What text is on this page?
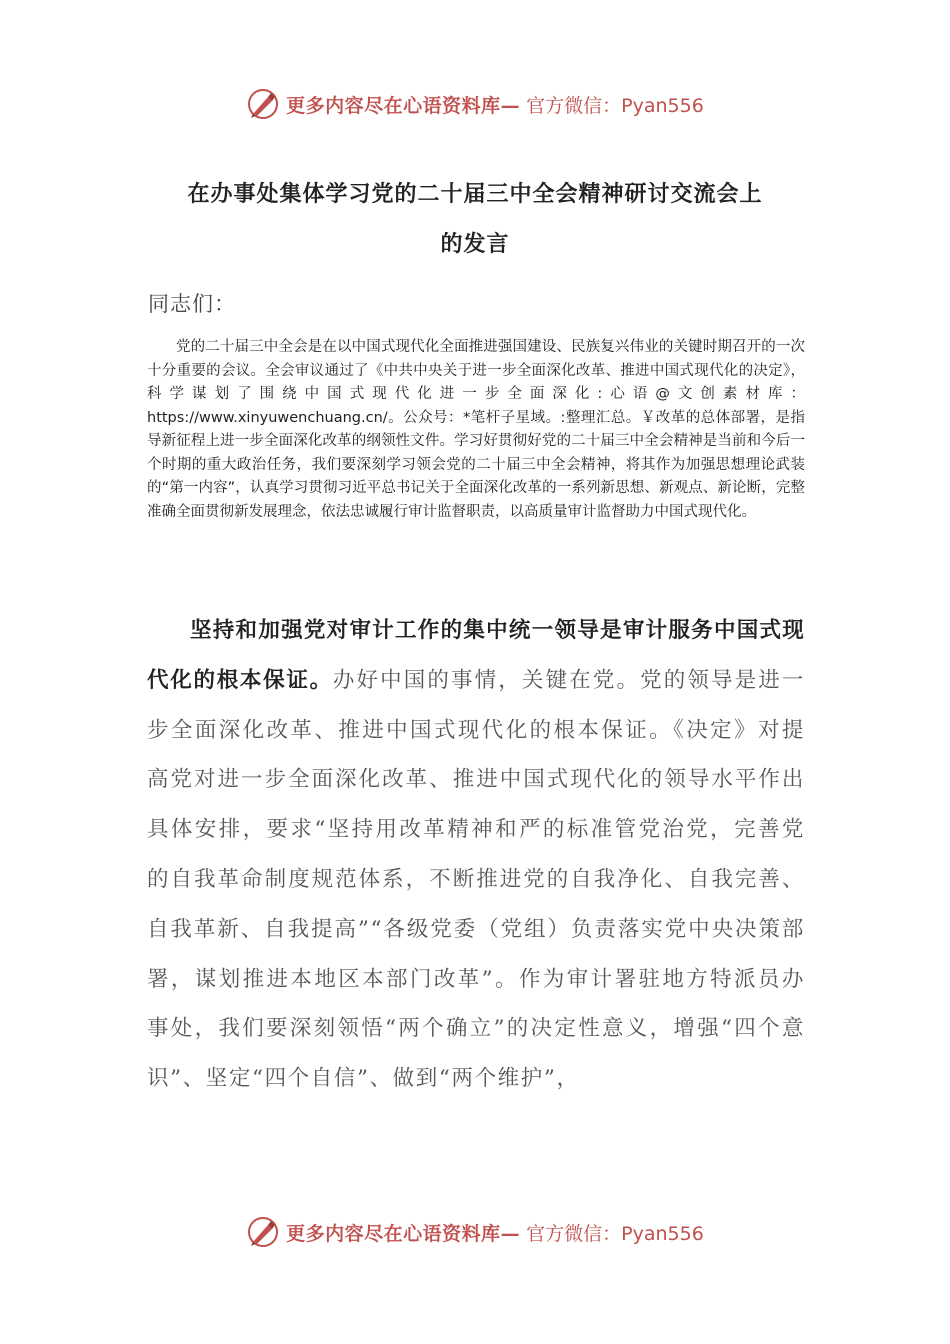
更多内容尽在心语资料库— 官方微信：Pyan556
在办事处集体学习党的二十届三中全会精神研讨交流会上
的发言
同志们：

党的二十届三中全会是在以中国式现代化全面推进强国建设、民族复兴伟业的关键时期召开的一次十分重要的会议。全会审议通过了《中共中央关于进一步全面深化改革、推进中国式现代化的决定》，科学谋划了围绕中国式现代化进一步全面深化:心语@文创素材库：https://www.xinyuwenchuang.cn/。公众号：*笔杆子星域。:整理汇总。￥改革的总体部署，是指导新征程上进一步全面深化改革的纲领性文件。学习好贯彻好党的二十届三中全会精神是当前和今后一个时期的重大政治任务，我们要深刻学习领会党的二十届三中全会精神，将其作为加强思想理论武装的“第一内容”，认真学习贯彻习近平总书记关于全面深化改革的一系列新思想、新观点、新论断，完整准确全面贯彻新发展理念，依法忠诚履行审计监督职责，以高质量审计监督助力中国式现代化。

坚持和加强党对审计工作的集中统一领导是审计服务中国式现代化的根本保证。办好中国的事情，关键在党。党的领导是进一步全面深化改革、推进中国式现代化的根本保证。《决定》对提高党对进一步全面深化改革、推进中国式现代化的领导水平作出具体安排，要求“坚持用改革精神和严的标准管党治党，完善党的自我革命制度规范体系，不断推进党的自我净化、自我完善、自我革新、自我提高”“各级党委（党组）负责落实党中央决策部署，谋划推进本地区本部门改革”。作为审计署驻地方特派员办事处，我们要深刻领悟“两个确立”的决定性意义，增强“四个意识”、坚定“四个自信”、做到“两个维护”，

更多内容尽在心语资料库— 官方微信：Pyan556
